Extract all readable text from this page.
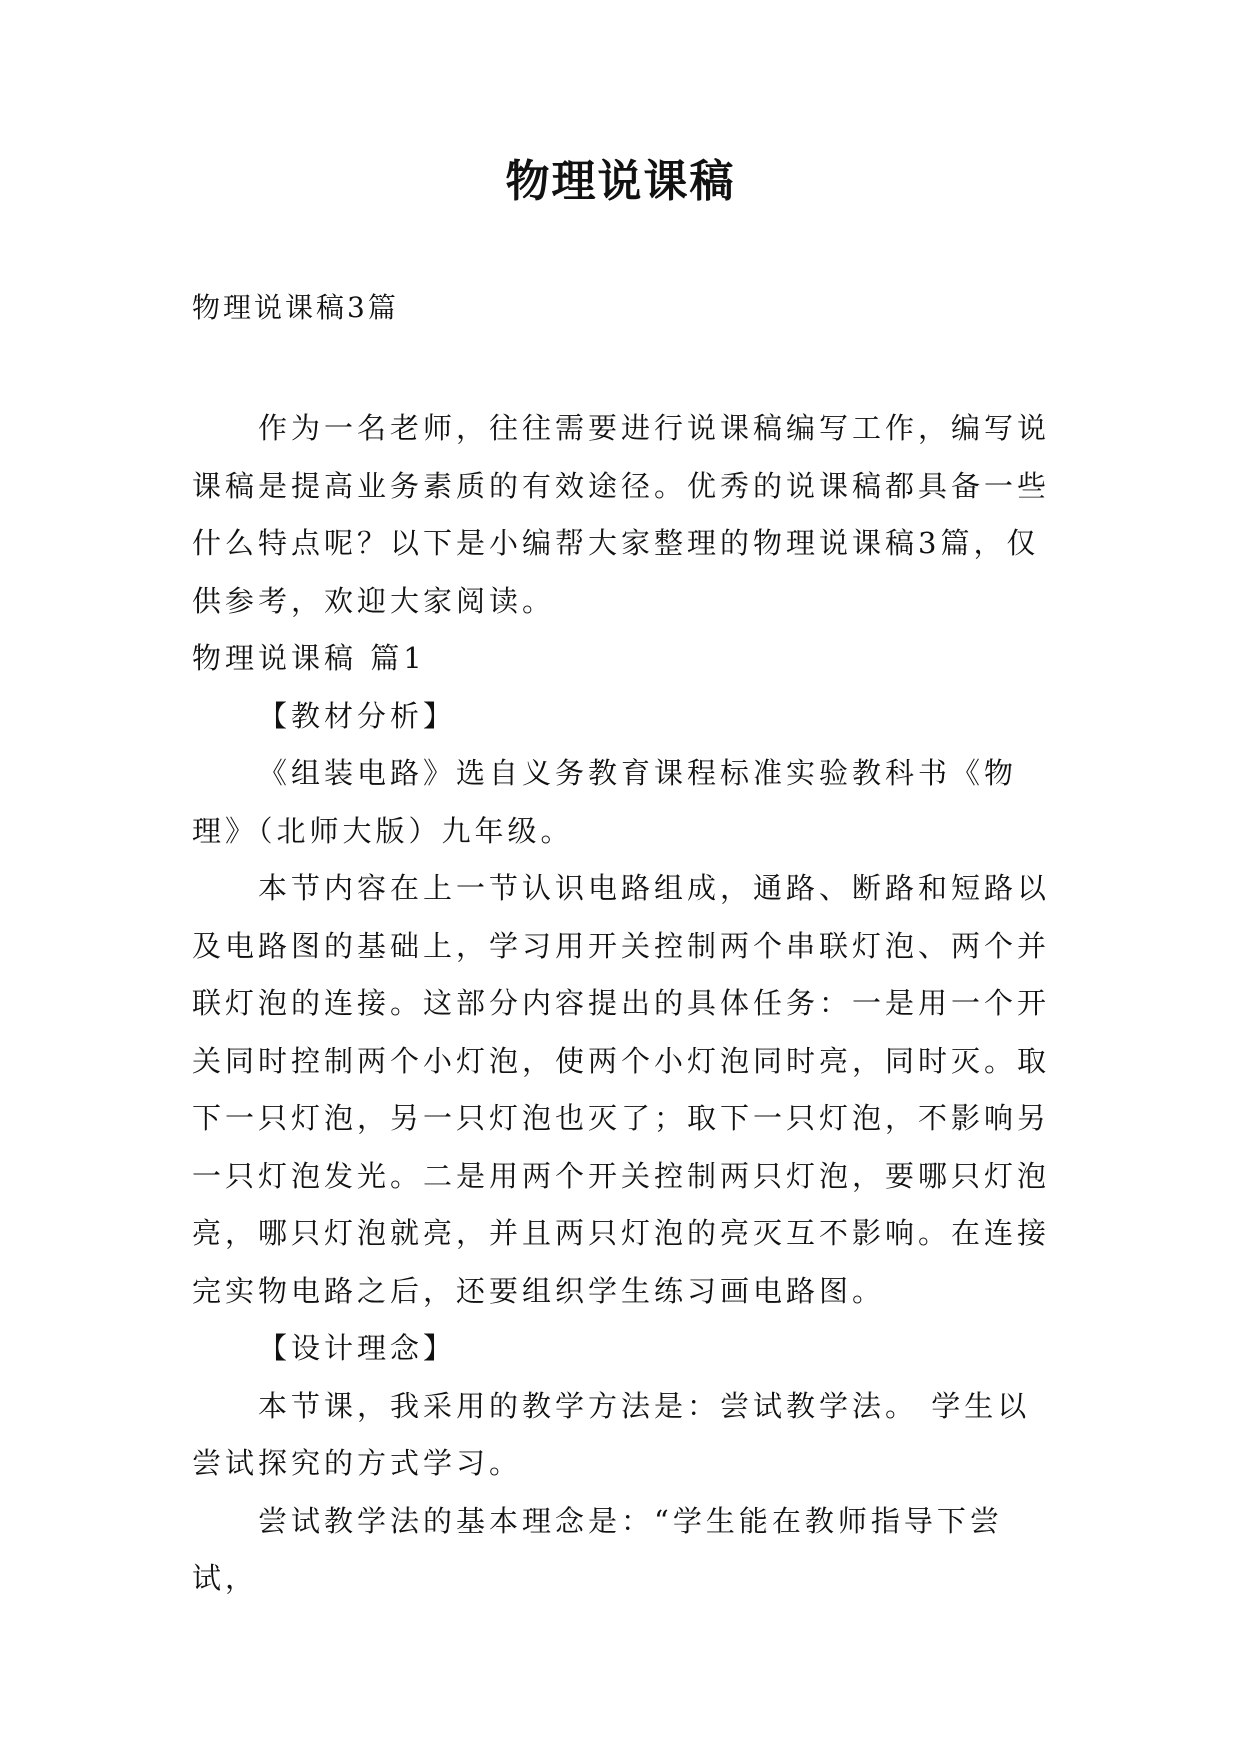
物理说课稿
物理说课稿3篇

作为一名老师，往往需要进行说课稿编写工作，编写说课稿是提高业务素质的有效途径。优秀的说课稿都具备一些什么特点呢？以下是小编帮大家整理的物理说课稿3篇，仅供参考，欢迎大家阅读。

物理说课稿 篇1

【教材分析】

《组装电路》选自义务教育课程标准实验教科书《物理》（北师大版）九年级。

本节内容在上一节认识电路组成，通路、断路和短路以及电路图的基础上，学习用开关控制两个串联灯泡、两个并联灯泡的连接。这部分内容提出的具体任务：一是用一个开关同时控制两个小灯泡，使两个小灯泡同时亮，同时灭。取下一只灯泡，另一只灯泡也灭了；取下一只灯泡，不影响另一只灯泡发光。二是用两个开关控制两只灯泡，要哪只灯泡亮，哪只灯泡就亮，并且两只灯泡的亮灭互不影响。在连接完实物电路之后，还要组织学生练习画电路图。

【设计理念】

本节课，我采用的教学方法是：尝试教学法。 学生以尝试探究的方式学习。

尝试教学法的基本理念是：“学生能在教师指导下尝试，
